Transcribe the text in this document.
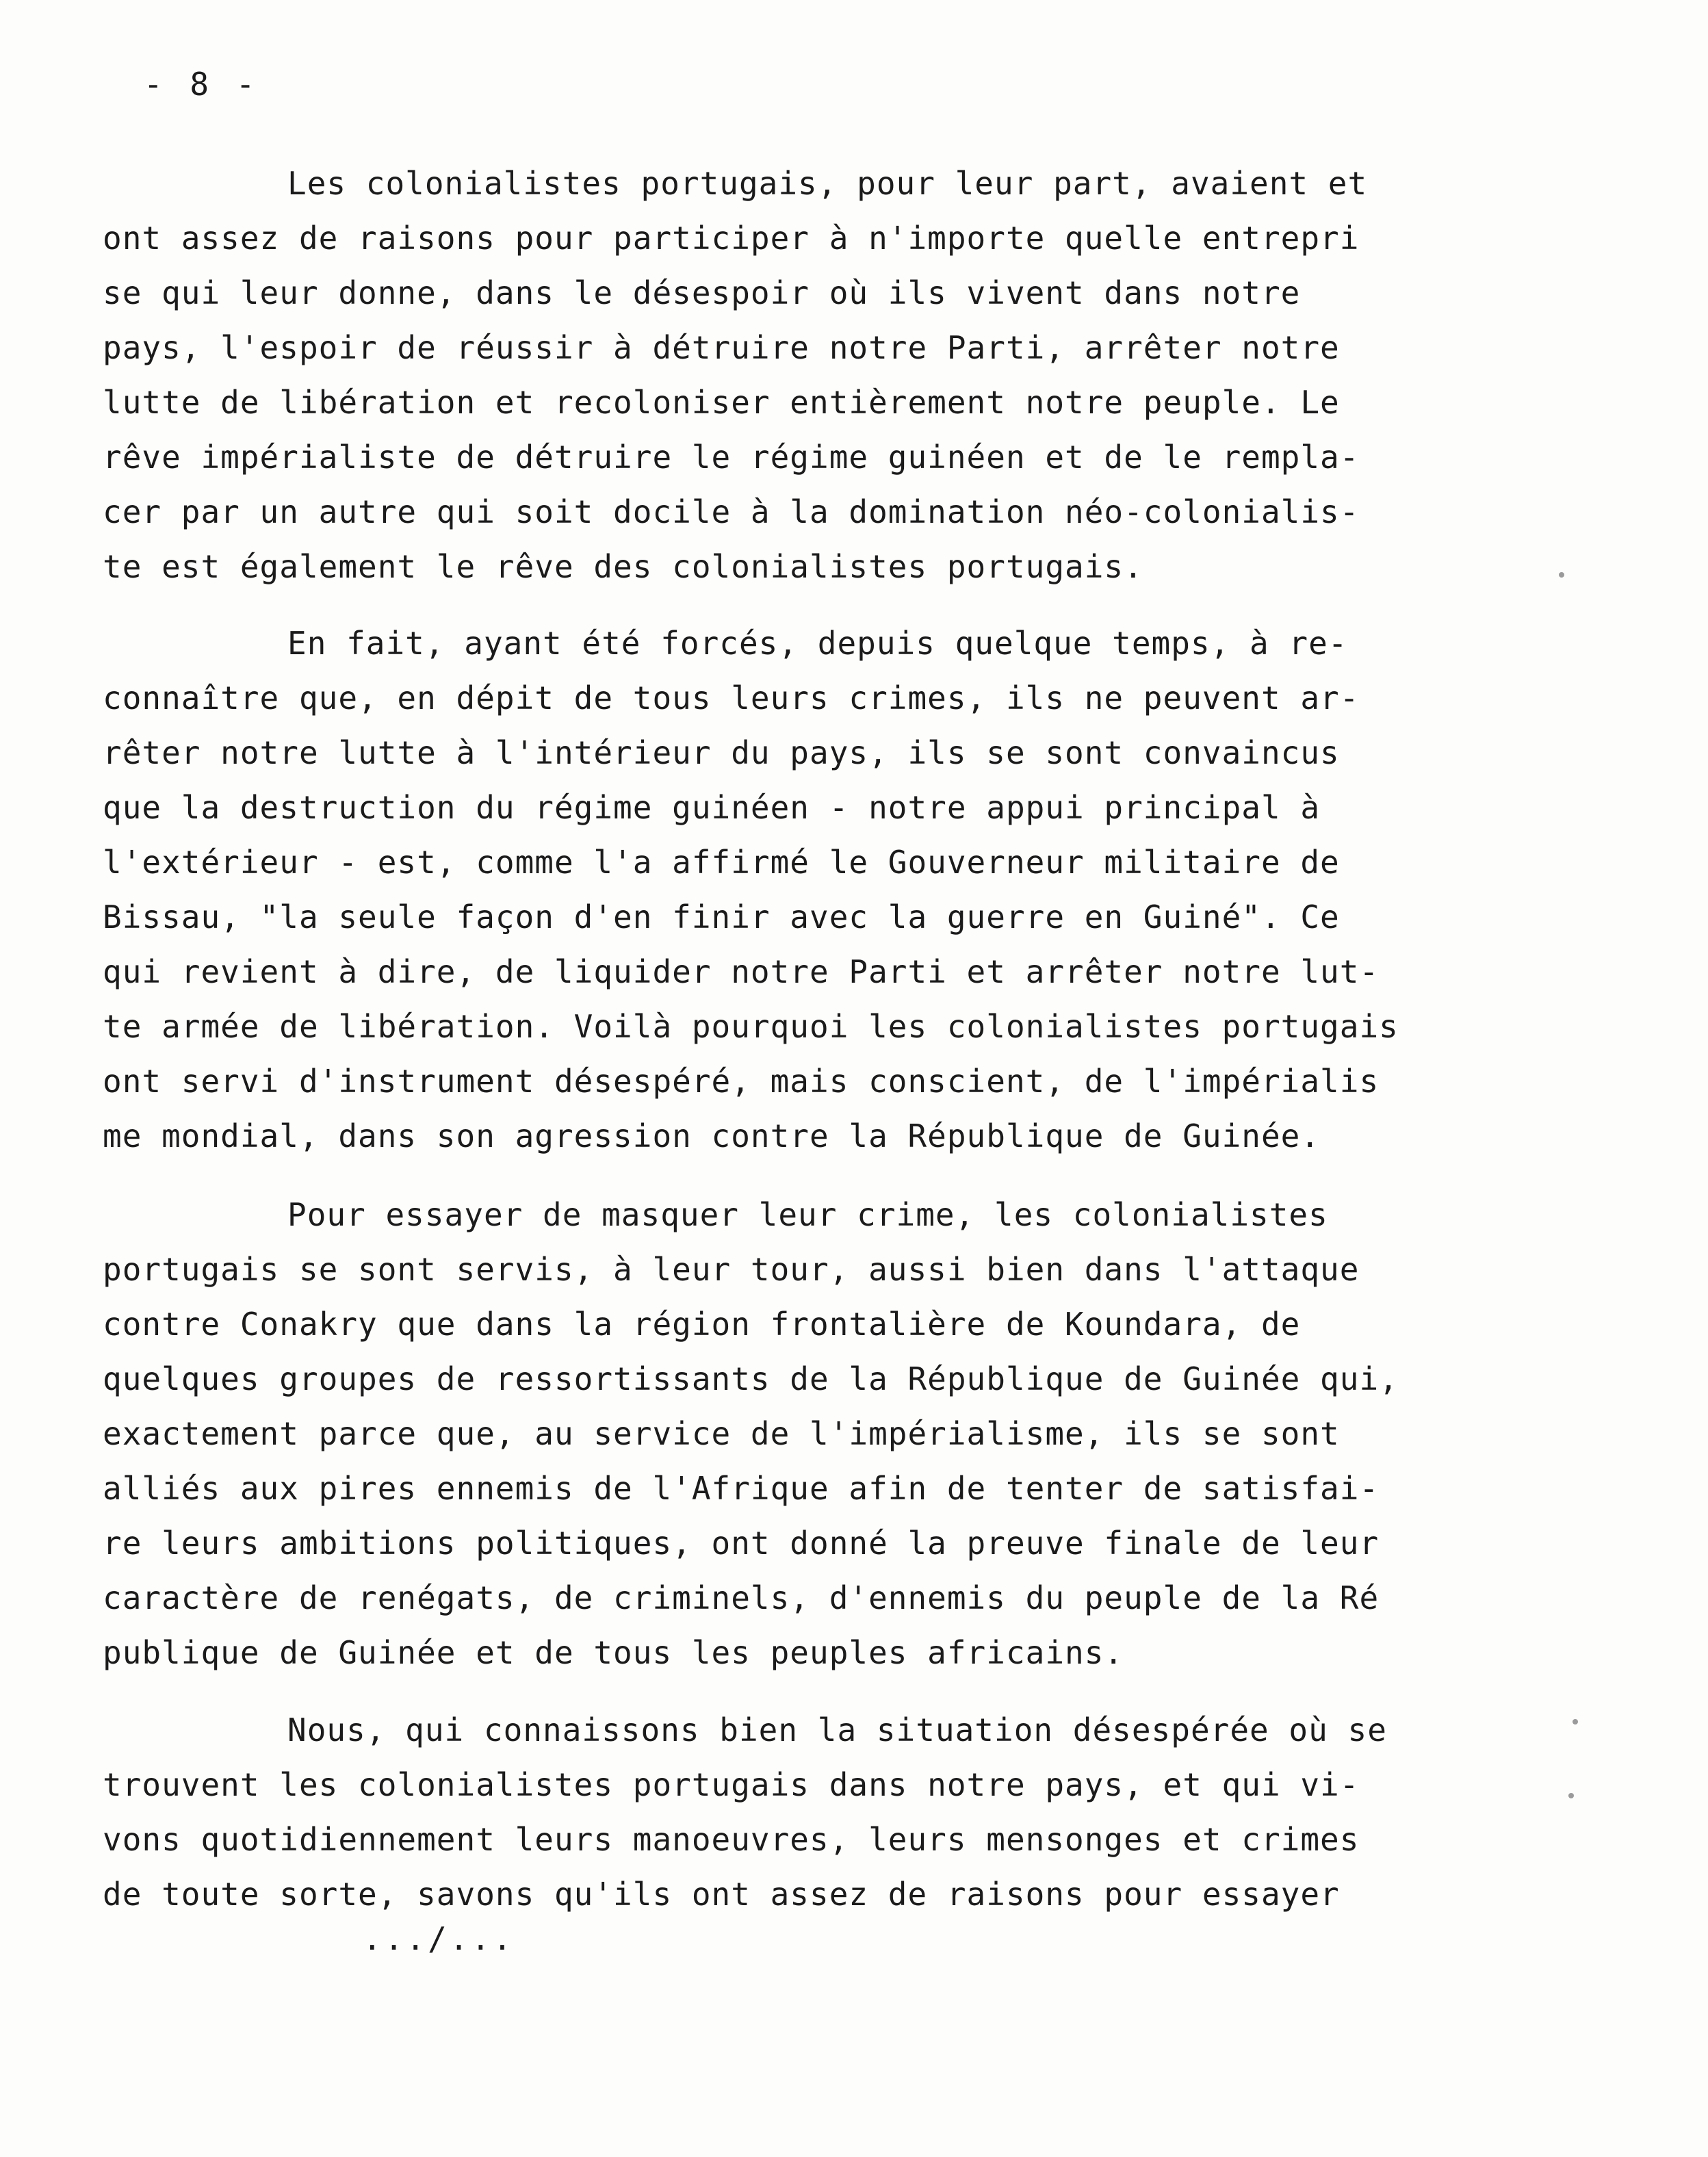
- 8 -
Les colonialistes portugais, pour leur part, avaient et
ont assez de raisons pour participer à n'importe quelle entrepri
se qui leur donne, dans le désespoir où ils vivent dans notre
pays, l'espoir de réussir à détruire notre Parti, arrêter notre
lutte de libération et recoloniser entièrement notre peuple. Le
rêve impérialiste de détruire le régime guinéen et de le rempla-
cer par un autre qui soit docile à la domination néo-colonialis-
te est également le rêve des colonialistes portugais.
En fait, ayant été forcés, depuis quelque temps, à re-
connaître que, en dépit de tous leurs crimes, ils ne peuvent ar-
rêter notre lutte à l'intérieur du pays, ils se sont convaincus
que la destruction du régime guinéen - notre appui principal à
l'extérieur - est, comme l'a affirmé le Gouverneur militaire de
Bissau, "la seule façon d'en finir avec la guerre en Guiné". Ce
qui revient à dire, de liquider notre Parti et arrêter notre lut-
te armée de libération. Voilà pourquoi les colonialistes portugais
ont servi d'instrument désespéré, mais conscient, de l'impérialis
me mondial, dans son agression contre la République de Guinée.
Pour essayer de masquer leur crime, les colonialistes
portugais se sont servis, à leur tour, aussi bien dans l'attaque
contre Conakry que dans la région frontalière de Koundara, de
quelques groupes de ressortissants de la République de Guinée qui,
exactement parce que, au service de l'impérialisme, ils se sont
alliés aux pires ennemis de l'Afrique afin de tenter de satisfai-
re leurs ambitions politiques, ont donné la preuve finale de leur
caractère de renégats, de criminels, d'ennemis du peuple de la Ré
publique de Guinée et de tous les peuples africains.
Nous, qui connaissons bien la situation désespérée où se
trouvent les colonialistes portugais dans notre pays, et qui vi-
vons quotidiennement leurs manoeuvres, leurs mensonges et crimes
de toute sorte, savons qu'ils ont assez de raisons pour essayer
.../...
